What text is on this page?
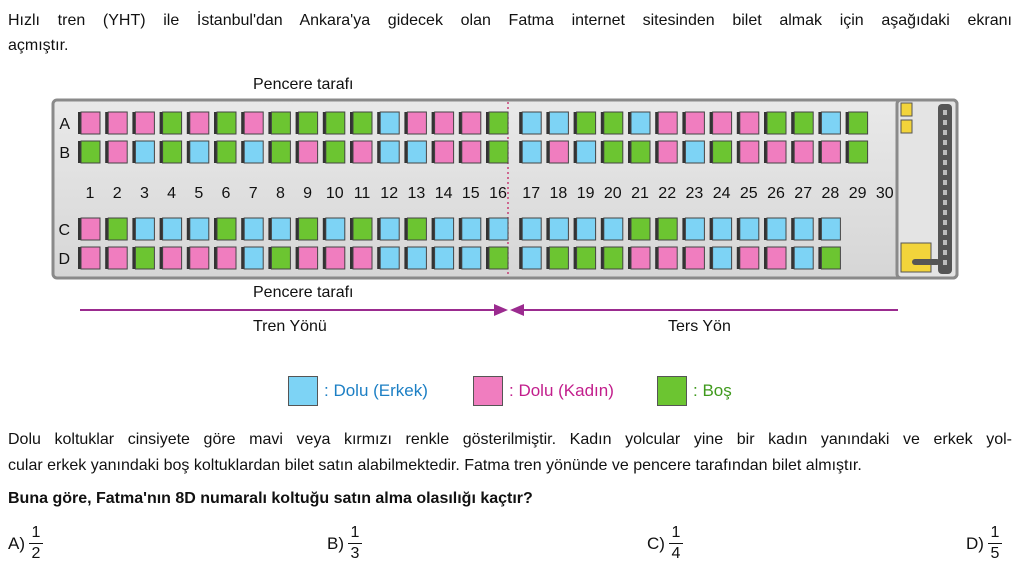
Hızlı tren (YHT) ile İstanbul'dan Ankara'ya gidecek olan Fatma internet sitesinden bilet almak için aşağıdaki ekranı

açmıştır.

Pencere tarafı
A
B
C
D
1 2 3 4 5 6 7 8 9 10 11 12 13 14 15 16 17 18 19 20 21 22 23 24 25 26 27 28 29 30
Pencere tarafı
Tren Yönü	Ters Yön
: Dolu (Erkek)	: Dolu (Kadın)	: Boş

Dolu koltuklar cinsiyete göre mavi veya kırmızı renkle gösterilmiştir. Kadın yolcular yine bir kadın yanındaki ve erkek yol-

cular erkek yanındaki boş koltuklardan bilet satın alabilmektedir. Fatma tren yönünde ve pencere tarafından bilet almıştır.

Buna göre, Fatma'nın 8D numaralı koltuğu satın alma olasılığı kaçtır?

$A) \frac{1}{2}$	$B) \frac{1}{3}$	$C) \frac{1}{4}$	$D) \frac{1}{5}$
